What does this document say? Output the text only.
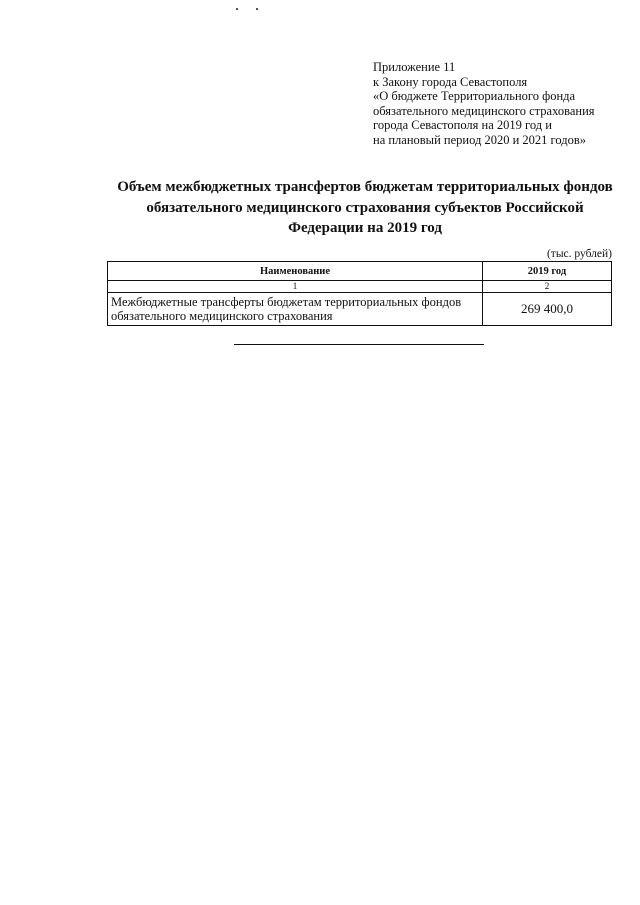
Приложение 11
к Закону города Севастополя
«О бюджете Территориального фонда
обязательного медицинского страхования
города Севастополя на 2019 год и
на плановый период 2020 и 2021 годов»
Объем межбюджетных трансфертов бюджетам территориальных фондов
обязательного медицинского страхования субъектов Российской
Федерации на 2019 год
(тыс. рублей)
Наименование	2019 год
1	2

Межбюджетные трансферты бюджетам территориальных фондов
обязательного медицинского страхования	269 400,0
